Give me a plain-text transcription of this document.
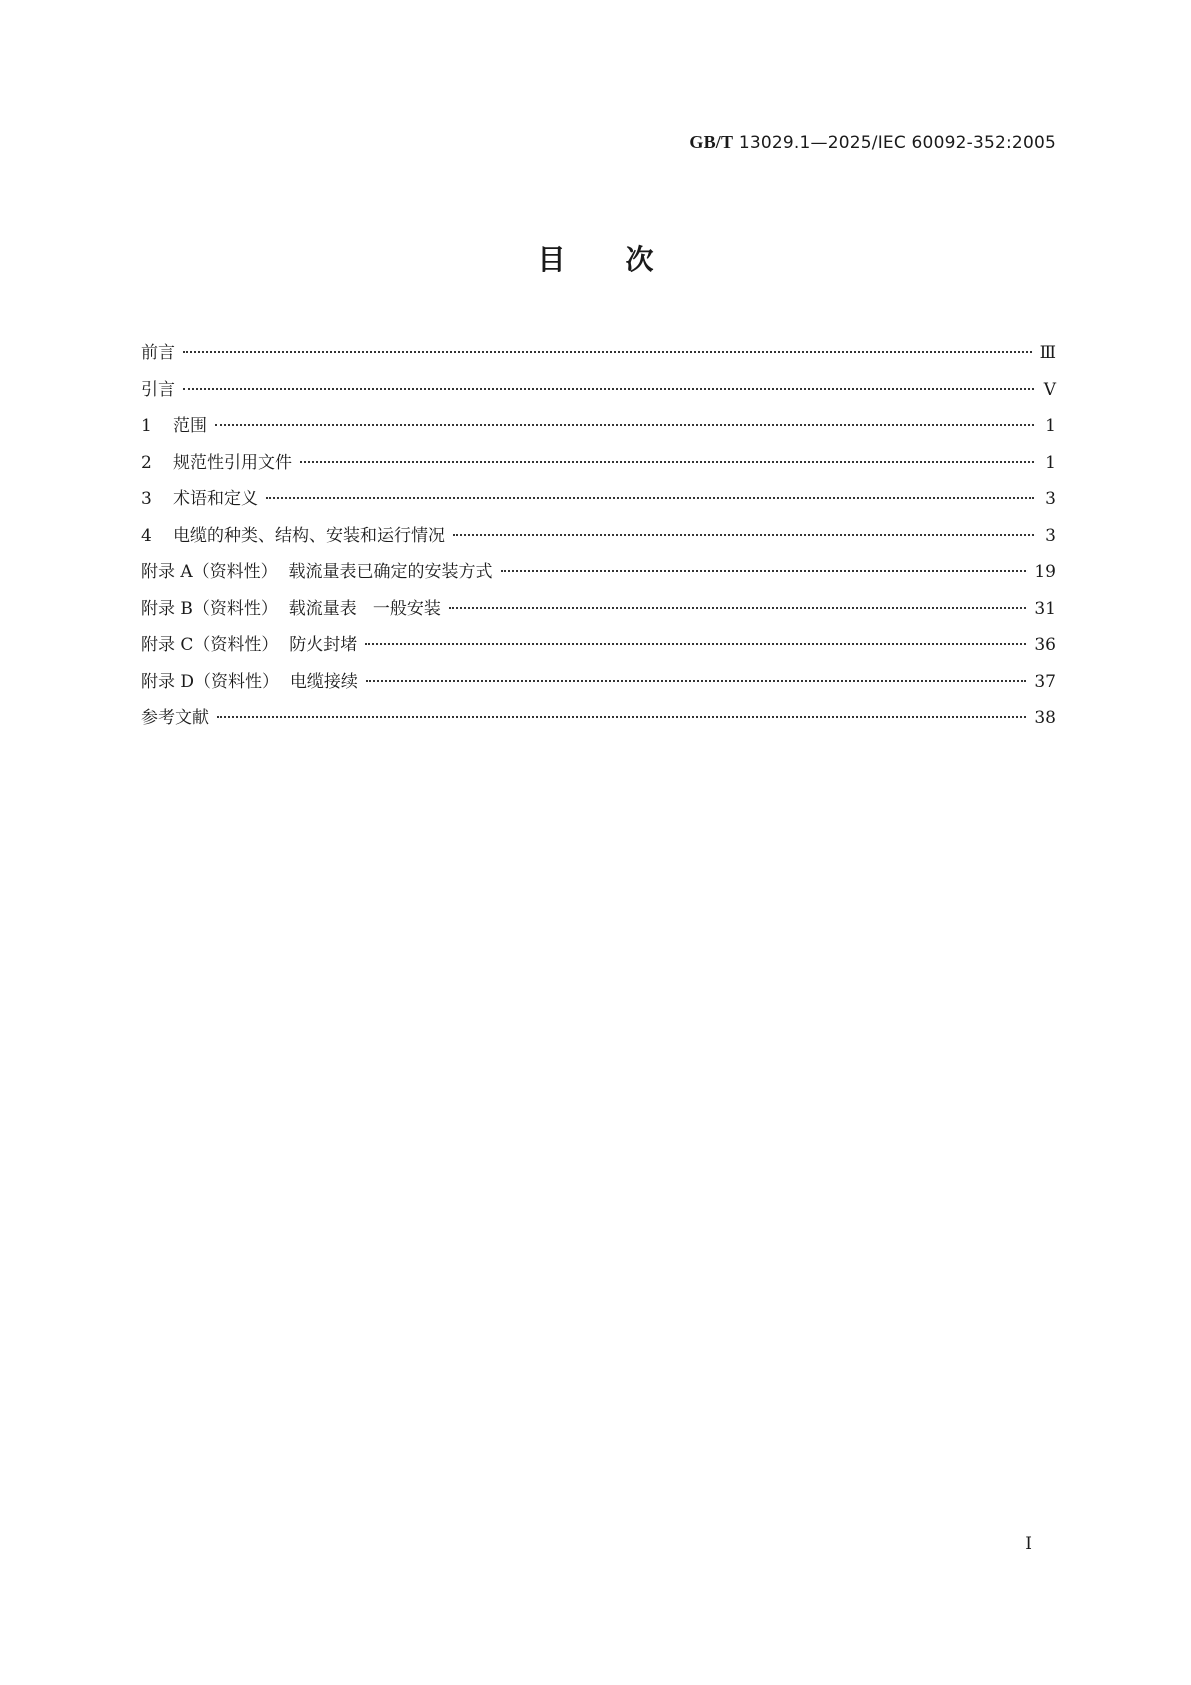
GB/T 13029.1—2025/IEC 60092-352:2005
目次
前言	Ⅲ
引言	Ⅴ
1	范围	1
2	规范性引用文件	1
3	术语和定义	3
4	电缆的种类、结构、安装和运行情况	3
附录 A（资料性）  载流量表已确定的安装方式	19
附录 B（资料性）  载流量表   一般安装	31
附录 C（资料性）  防火封堵	36
附录 D（资料性）  电缆接续	37
参考文献	38
Ⅰ
